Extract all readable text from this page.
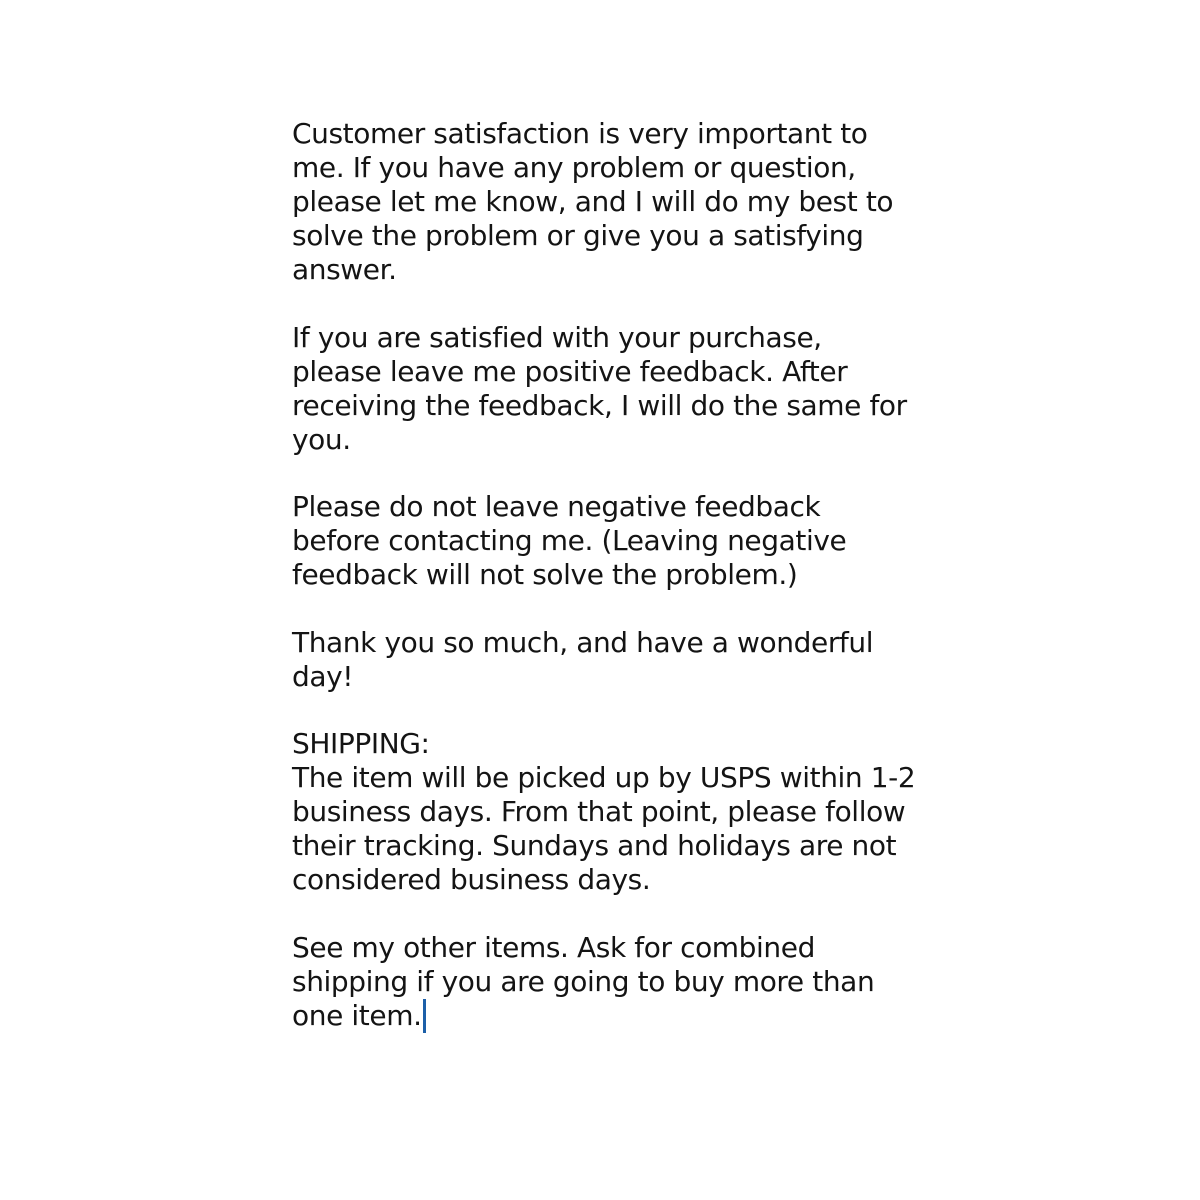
Customer satisfaction is very important to
me. If you have any problem or question,
please let me know, and I will do my best to
solve the problem or give you a satisfying
answer.
If you are satisfied with your purchase,
please leave me positive feedback. After
receiving the feedback, I will do the same for
you.
Please do not leave negative feedback
before contacting me. (Leaving negative
feedback will not solve the problem.)
Thank you so much, and have a wonderful
day!
SHIPPING:
The item will be picked up by USPS within 1-2
business days. From that point, please follow
their tracking. Sundays and holidays are not
considered business days.
See my other items. Ask for combined
shipping if you are going to buy more than
one item.
